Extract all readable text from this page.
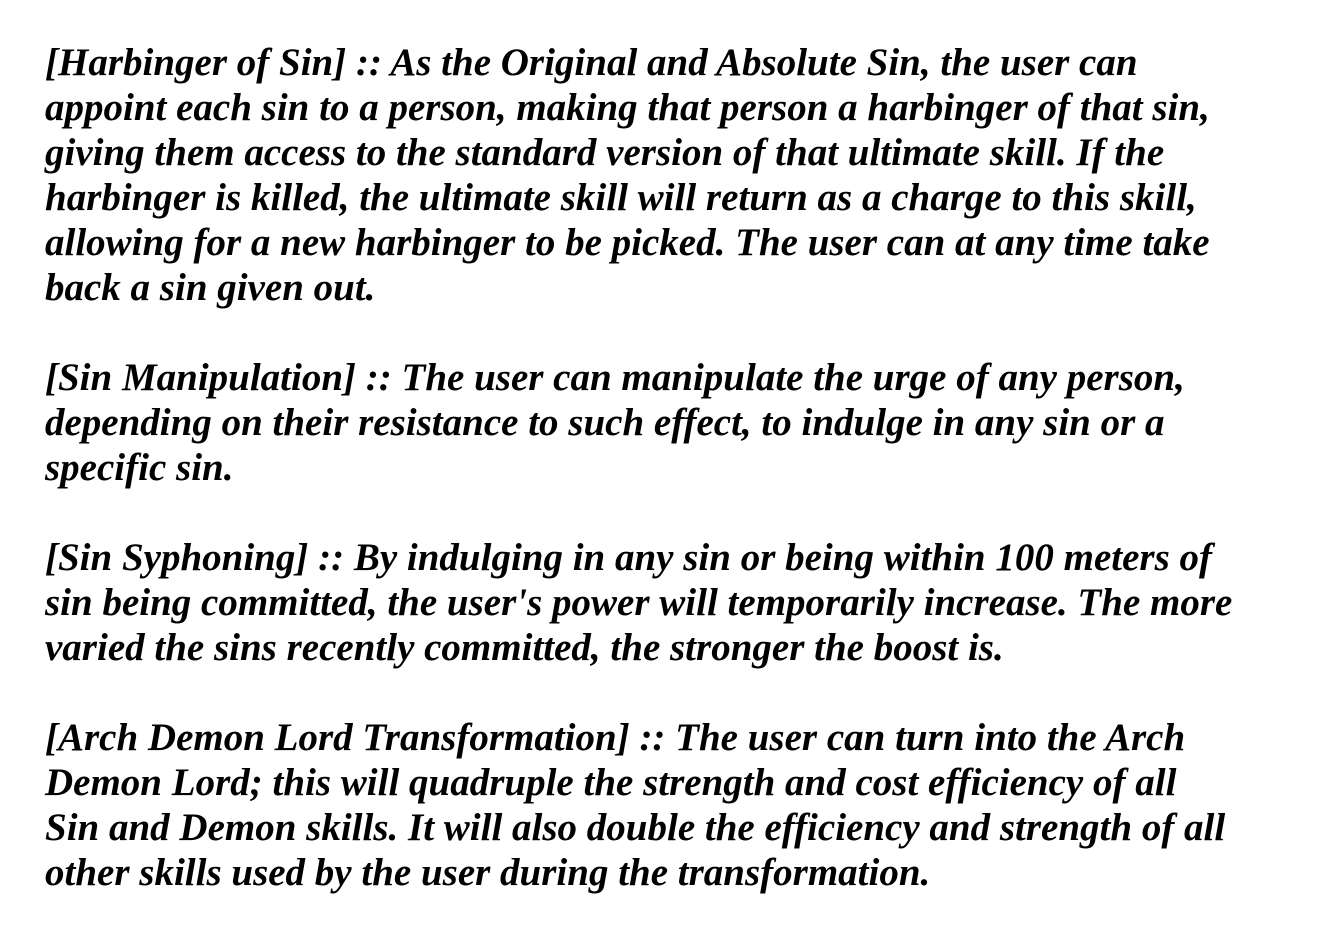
[Harbinger of Sin] :: As the Original and Absolute Sin, the user can
appoint each sin to a person, making that person a harbinger of that sin,
giving them access to the standard version of that ultimate skill. If the
harbinger is killed, the ultimate skill will return as a charge to this skill,
allowing for a new harbinger to be picked. The user can at any time take
back a sin given out.
[Sin Manipulation] :: The user can manipulate the urge of any person,
depending on their resistance to such effect, to indulge in any sin or a
specific sin.
[Sin Syphoning] :: By indulging in any sin or being within 100 meters of
sin being committed, the user's power will temporarily increase. The more
varied the sins recently committed, the stronger the boost is.
[Arch Demon Lord Transformation] :: The user can turn into the Arch
Demon Lord; this will quadruple the strength and cost efficiency of all
Sin and Demon skills. It will also double the efficiency and strength of all
other skills used by the user during the transformation.
